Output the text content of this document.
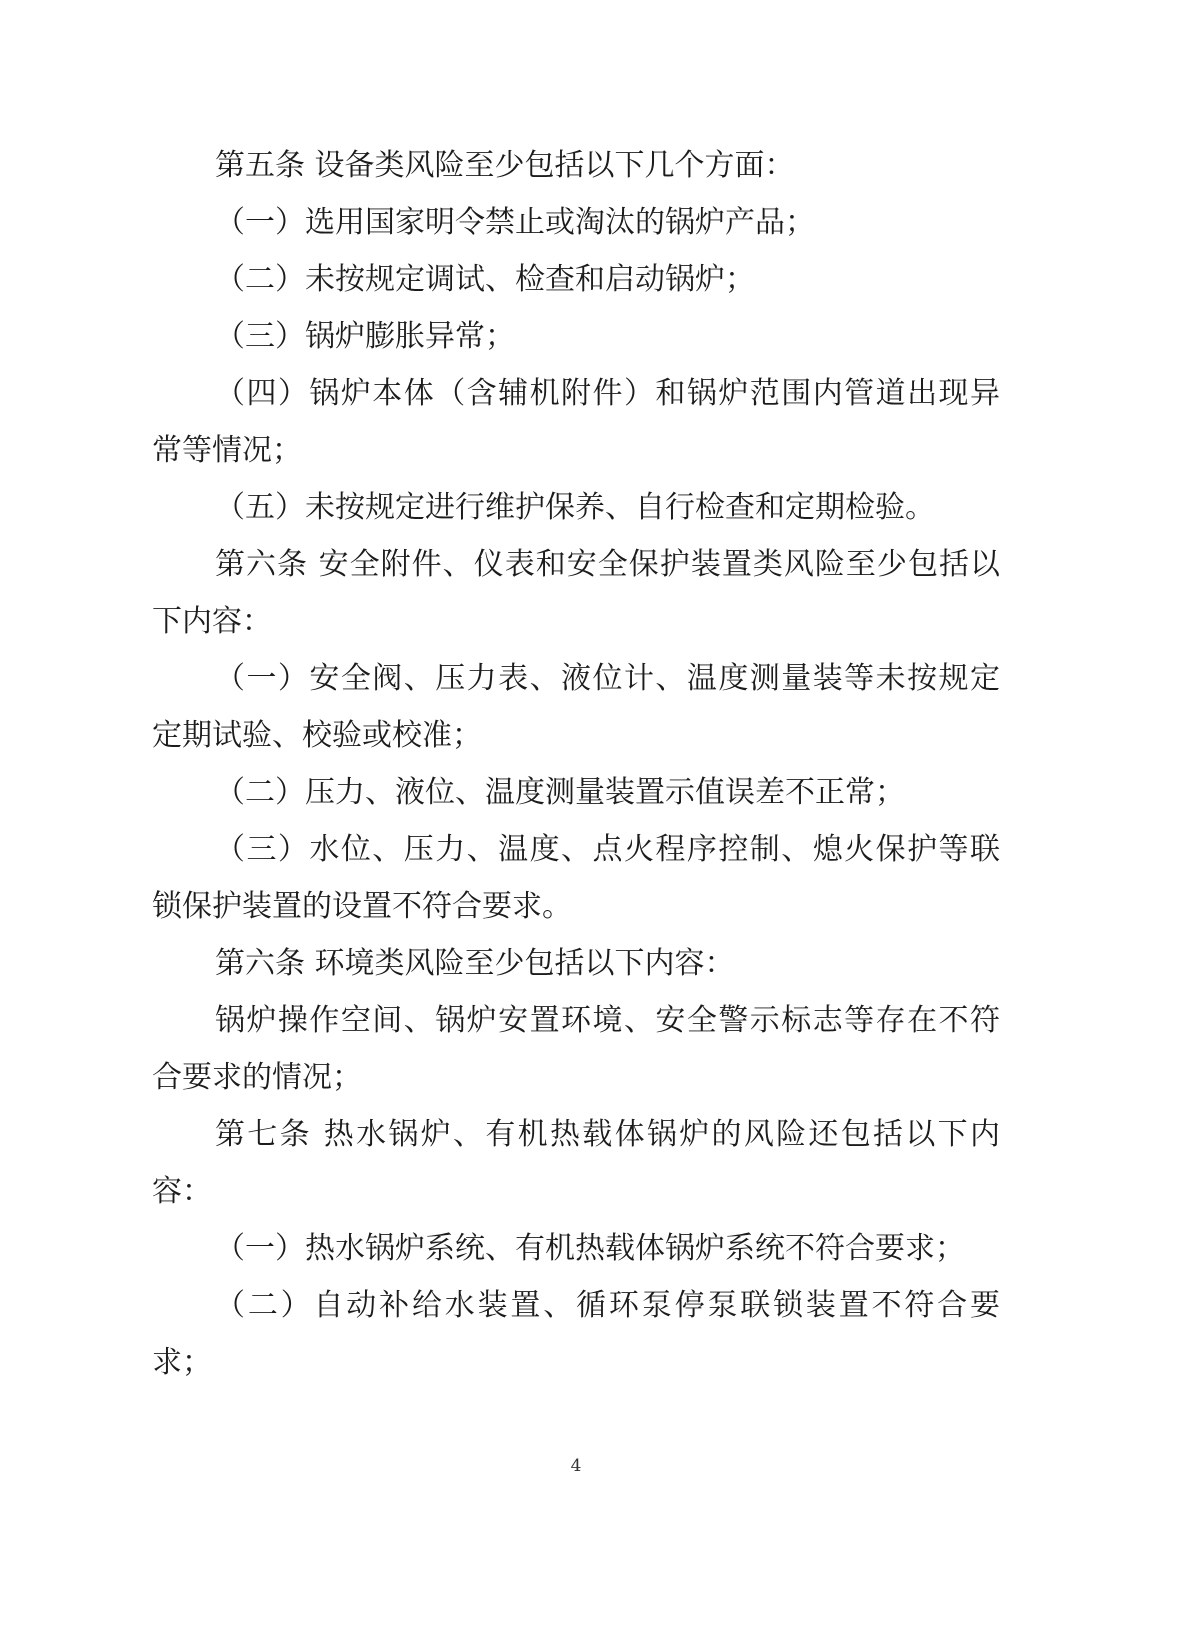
第五条 设备类风险至少包括以下几个方面：
（一）选用国家明令禁止或淘汰的锅炉产品；
（二）未按规定调试、检查和启动锅炉；
（三）锅炉膨胀异常；
（四）锅炉本体（含辅机附件）和锅炉范围内管道出现异
常等情况；
（五）未按规定进行维护保养、自行检查和定期检验。
第六条 安全附件、仪表和安全保护装置类风险至少包括以
下内容：
（一）安全阀、压力表、液位计、温度测量装等未按规定
定期试验、校验或校准；
（二）压力、液位、温度测量装置示值误差不正常；
（三）水位、压力、温度、点火程序控制、熄火保护等联
锁保护装置的设置不符合要求。
第六条 环境类风险至少包括以下内容：
锅炉操作空间、锅炉安置环境、安全警示标志等存在不符
合要求的情况；
第七条 热水锅炉、有机热载体锅炉的风险还包括以下内
容：
（一）热水锅炉系统、有机热载体锅炉系统不符合要求；
（二）自动补给水装置、循环泵停泵联锁装置不符合要
求；
4
